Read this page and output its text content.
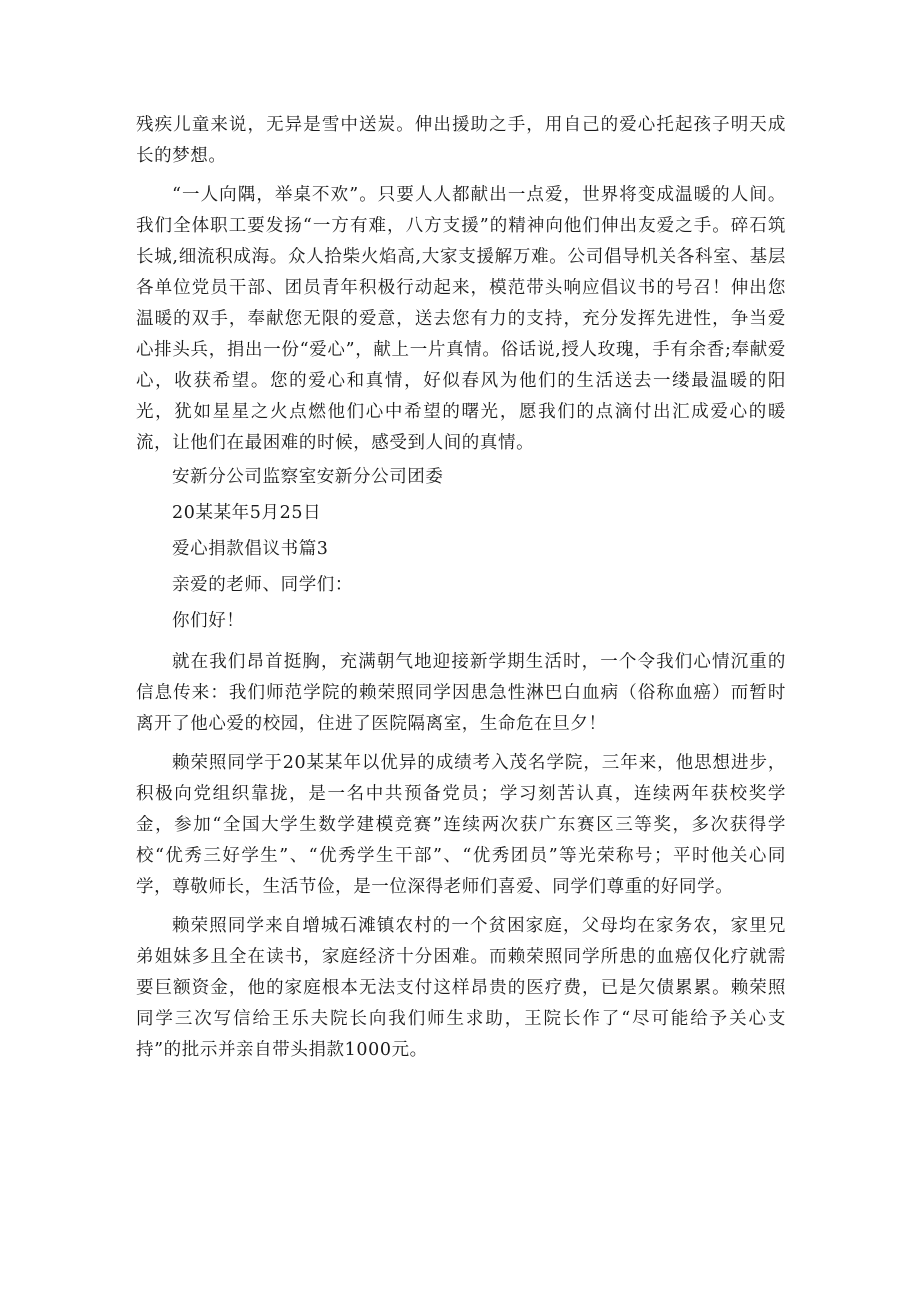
残疾儿童来说，无异是雪中送炭。伸出援助之手，用自己的爱心托起孩子明天成长的梦想。

“一人向隅，举桌不欢”。只要人人都献出一点爱，世界将变成温暖的人间。我们全体职工要发扬“一方有难，八方支援”的精神向他们伸出友爱之手。碎石筑长城,细流积成海。众人拾柴火焰高,大家支援解万难。公司倡导机关各科室、基层各单位党员干部、团员青年积极行动起来，模范带头响应倡议书的号召！伸出您温暖的双手，奉献您无限的爱意，送去您有力的支持，充分发挥先进性，争当爱心排头兵，捐出一份“爱心”，献上一片真情。俗话说,授人玫瑰，手有余香;奉献爱心，收获希望。您的爱心和真情，好似春风为他们的生活送去一缕最温暖的阳光，犹如星星之火点燃他们心中希望的曙光，愿我们的点滴付出汇成爱心的暖流，让他们在最困难的时候，感受到人间的真情。

安新分公司监察室安新分公司团委

20某某年5月25日

爱心捐款倡议书篇3

亲爱的老师、同学们：

你们好！

就在我们昂首挺胸，充满朝气地迎接新学期生活时，一个令我们心情沉重的信息传来：我们师范学院的赖荣照同学因患急性淋巴白血病（俗称血癌）而暂时离开了他心爱的校园，住进了医院隔离室，生命危在旦夕！

赖荣照同学于20某某年以优异的成绩考入茂名学院，三年来，他思想进步，积极向党组织靠拢，是一名中共预备党员；学习刻苦认真，连续两年获校奖学金，参加“全国大学生数学建模竞赛”连续两次获广东赛区三等奖，多次获得学校“优秀三好学生”、“优秀学生干部”、“优秀团员”等光荣称号；平时他关心同学，尊敬师长，生活节俭，是一位深得老师们喜爱、同学们尊重的好同学。

赖荣照同学来自增城石滩镇农村的一个贫困家庭，父母均在家务农，家里兄弟姐妹多且全在读书，家庭经济十分困难。而赖荣照同学所患的血癌仅化疗就需要巨额资金，他的家庭根本无法支付这样昂贵的医疗费，已是欠债累累。赖荣照同学三次写信给王乐夫院长向我们师生求助，王院长作了“尽可能给予关心支持”的批示并亲自带头捐款1000元。
